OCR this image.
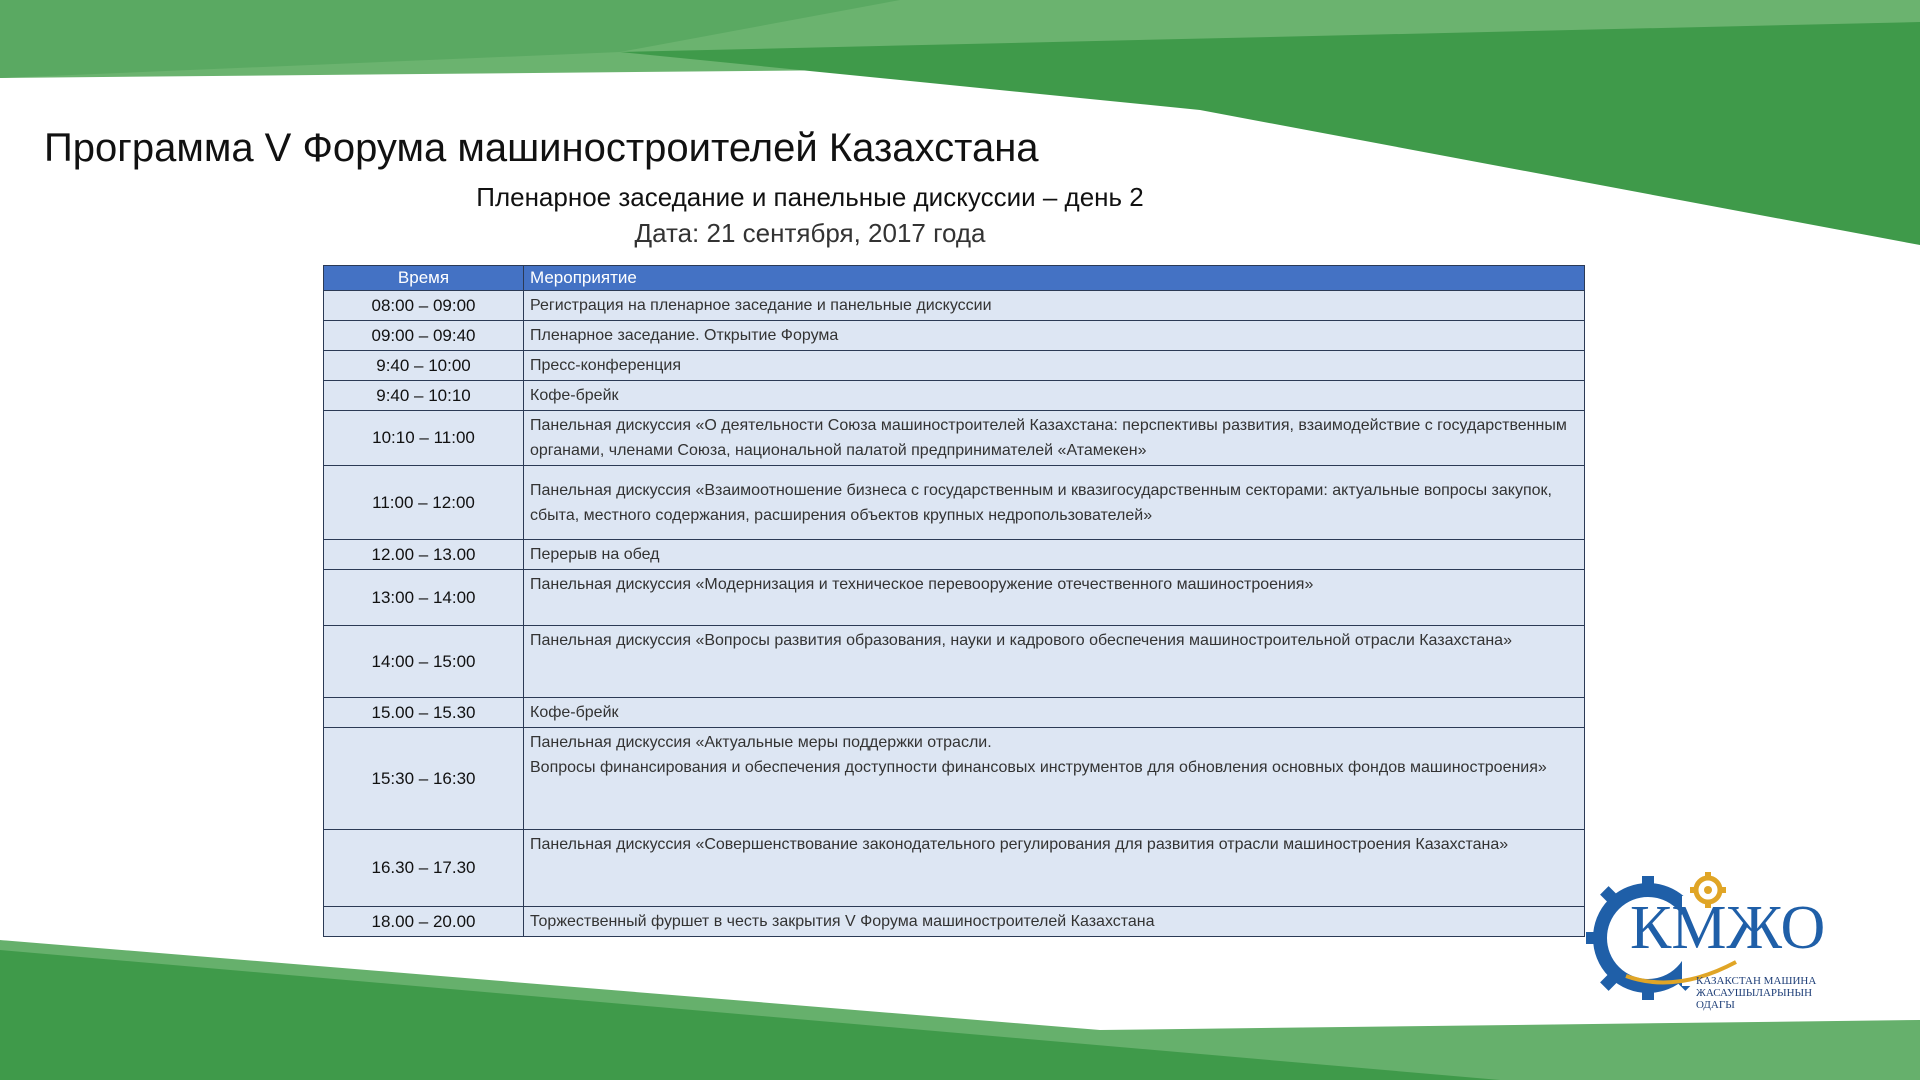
Программа V Форума машиностроителей Казахстана
Пленарное заседание и панельные дискуссии – день 2
Дата: 21 сентября, 2017 года
Время	Мероприятие
08:00 – 09:00	Регистрация на пленарное заседание и панельные дискуссии
09:00 – 09:40	Пленарное заседание. Открытие Форума
9:40 – 10:00	Пресс-конференция
9:40 – 10:10	Кофе-брейк
10:10 – 11:00	Панельная дискуссия «О деятельности Союза машиностроителей Казахстана: перспективы развития, взаимодействие с государственным органами, членами Союза, национальной палатой предпринимателей «Атамекен»
11:00 – 12:00	Панельная дискуссия «Взаимоотношение бизнеса с государственным и квазигосударственным секторами: актуальные вопросы закупок, сбыта, местного содержания, расширения объектов крупных недропользователей»
12.00 – 13.00	Перерыв на обед
13:00 – 14:00	Панельная дискуссия «Модернизация и техническое перевооружение отечественного машиностроения»
14:00 – 15:00	Панельная дискуссия «Вопросы развития образования, науки и кадрового обеспечения машиностроительной отрасли Казахстана»
15.00 – 15.30	Кофе-брейк
15:30 – 16:30	Панельная дискуссия «Актуальные меры поддержки отрасли.
Вопросы финансирования и обеспечения доступности финансовых инструментов для обновления основных фондов машиностроения»
16.30 – 17.30	Панельная дискуссия «Совершенствование законодательного регулирования для развития отрасли машиностроения Казахстана»
18.00 – 20.00	Торжественный фуршет в честь закрытия V Форума машиностроителей Казахстана	КМЖО
КАЗАКСТАН МАШИНА
ЖАСАУШЫЛАРЫНЫН
ОДАГЫ
